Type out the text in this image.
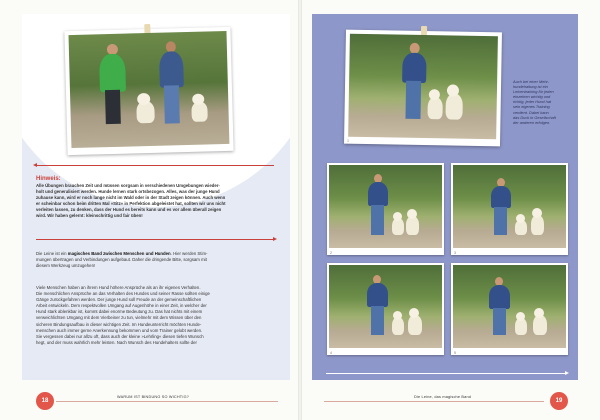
Hinweis:
Alle Übungen brauchen Zeit und müssen sorgsam in verschiedenen Umgebungen wieder-
holt und generalisiert werden. Hunde lernen stark ortsbezogen. Alles, was der junge Hund
zuhause kann, wird er noch lange nicht im Wald oder in der Stadt zeigen können. Auch wenn
er scheinbar schon beim dritten Mal »Sitz« in Perfektion abgeleistet hat, sollten wir uns nicht
verleiten lassen, zu denken, dass der Hund es bereits kann und es vor allem überall zeigen
wird. Wir haben gelernt: kleinschrittig und fair üben!
Die Leine ist ein magisches Band zwischen Menschen und Hunden. Hier werden Stim-
mungen übertragen und Verbindungen aufgebaut. Daher die dringende Bitte, sorgsam mit
diesem Werkzeug umzugehen!
Viele Menschen haben an ihrem Hund höhere Ansprüche als an ihr eigenes Verhalten.
Die menschlichen Ansprüche an das Verhalten des Hundes und seiner Rasse sollten einige
Gänge zurückgefahren werden. Der junge Hund soll Freude an der gemeinschaftlichen
Arbeit entwickeln. Dem respektvollen Umgang auf Augenhöhe in einer Zeit, in welcher der
Hund stark ablenkbar ist, kommt dabei enorme Bedeutung zu. Das hat nichts mit einem
verweichlichten Umgang mit dem Vierbeiner zu tun, vielmehr mit dem Wissen über den
sicheren Bindungsaufbau in dieser wichtigen Zeit. Im Hundeunterricht möchten Hunde-
menschen auch immer gerne Anerkennung bekommen und vom Trainer gelobt werden.
Sie vergessen dabei nur allzu oft, dass auch der kleine »Lehrling« diesen tiefen Wunsch
hegt, und der muss wahrlich mehr leisten. Nach Wunsch des Hundehalters sollte der
18
WARUM IST BINDUNG SO WICHTIG?
1
Auch bei einer Mehr-
hundehaltung ist ein
Leinentraining für jeden
einzelnen wichtig und
richtig, jeder Hund hat
sein eigenes Training
verdient. Dabei kann
das Duck in Gesellschaft
der anderen erfolgen.
2	3
4	5
Die Leine, das magische Band
19
